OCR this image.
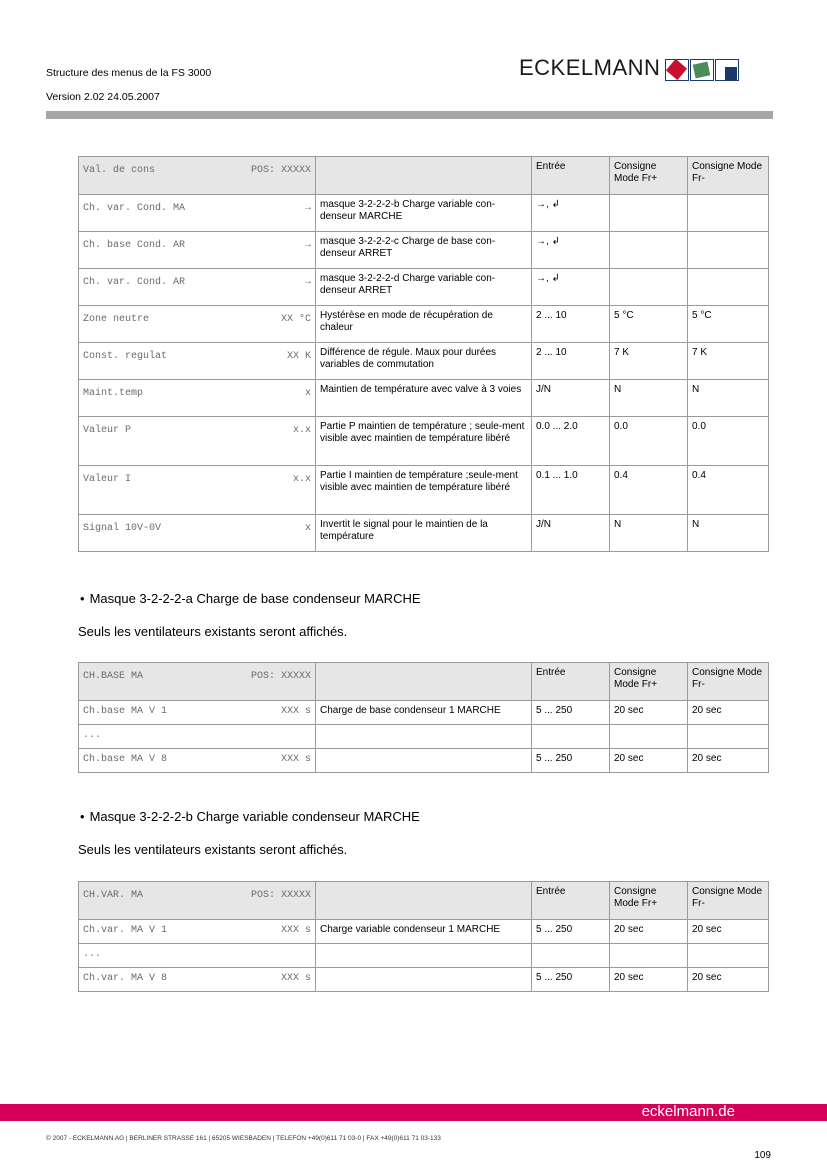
Structure des menus de la FS 3000
Version 2.02 24.05.2007
ECKELMANN
Val. de cons POS: XXXXX		Entrée	Consigne Mode Fr+	Consigne Mode Fr-

Ch. var. Cond. MA →	masque 3-2-2-2-b Charge variable con-denseur MARCHE	→, ↲		

Ch. base Cond. AR →	masque 3-2-2-2-c Charge de base con-denseur ARRET	→, ↲		

Ch. var. Cond. AR →	masque 3-2-2-2-d Charge variable con-denseur ARRET	→, ↲		

Zone neutre XX °C	Hystérèse en mode de récupération de chaleur	2 ... 10	5 °C	5 °C

Const. regulat XX K	Différence de régule. Maux pour durées variables de commutation	2 ... 10	7 K	7 K

Maint.temp x	Maintien de température avec valve à 3 voies	J/N	N	N

Valeur P x.x	Partie P maintien de température ; seule-ment visible avec maintien de température libéré	0.0 ... 2.0	0.0	0.0

Valeur I x.x	Partie I maintien de température ;seule-ment visible avec maintien de température libéré	0.1 ... 1.0	0.4	0.4

Signal 10V-0V x	Invertit le signal pour le maintien de la température	J/N	N	N
• Masque 3-2-2-2-a Charge de base condenseur MARCHE
Seuls les ventilateurs existants seront affichés.
CH.BASE MA POS: XXXXX		Entrée	Consigne Mode Fr+	Consigne Mode Fr-

Ch.base MA V 1 XXX s	Charge de base condenseur 1 MARCHE	5 ... 250	20 sec	20 sec

...				

Ch.base MA V 8 XXX s		5 ... 250	20 sec	20 sec
• Masque 3-2-2-2-b Charge variable condenseur MARCHE
Seuls les ventilateurs existants seront affichés.
CH.VAR. MA POS: XXXXX		Entrée	Consigne Mode Fr+	Consigne Mode Fr-

Ch.var. MA V 1 XXX s	Charge variable condenseur 1 MARCHE	5 ... 250	20 sec	20 sec

...				

Ch.var. MA V 8 XXX s		5 ... 250	20 sec	20 sec
eckelmann.de
© 2007 - ECKELMANN AG | BERLINER STRASSE 161 | 65205 WIESBADEN | TELEFON +49(0)611 71 03-0 | FAX +49(0)611 71 03-133
109
